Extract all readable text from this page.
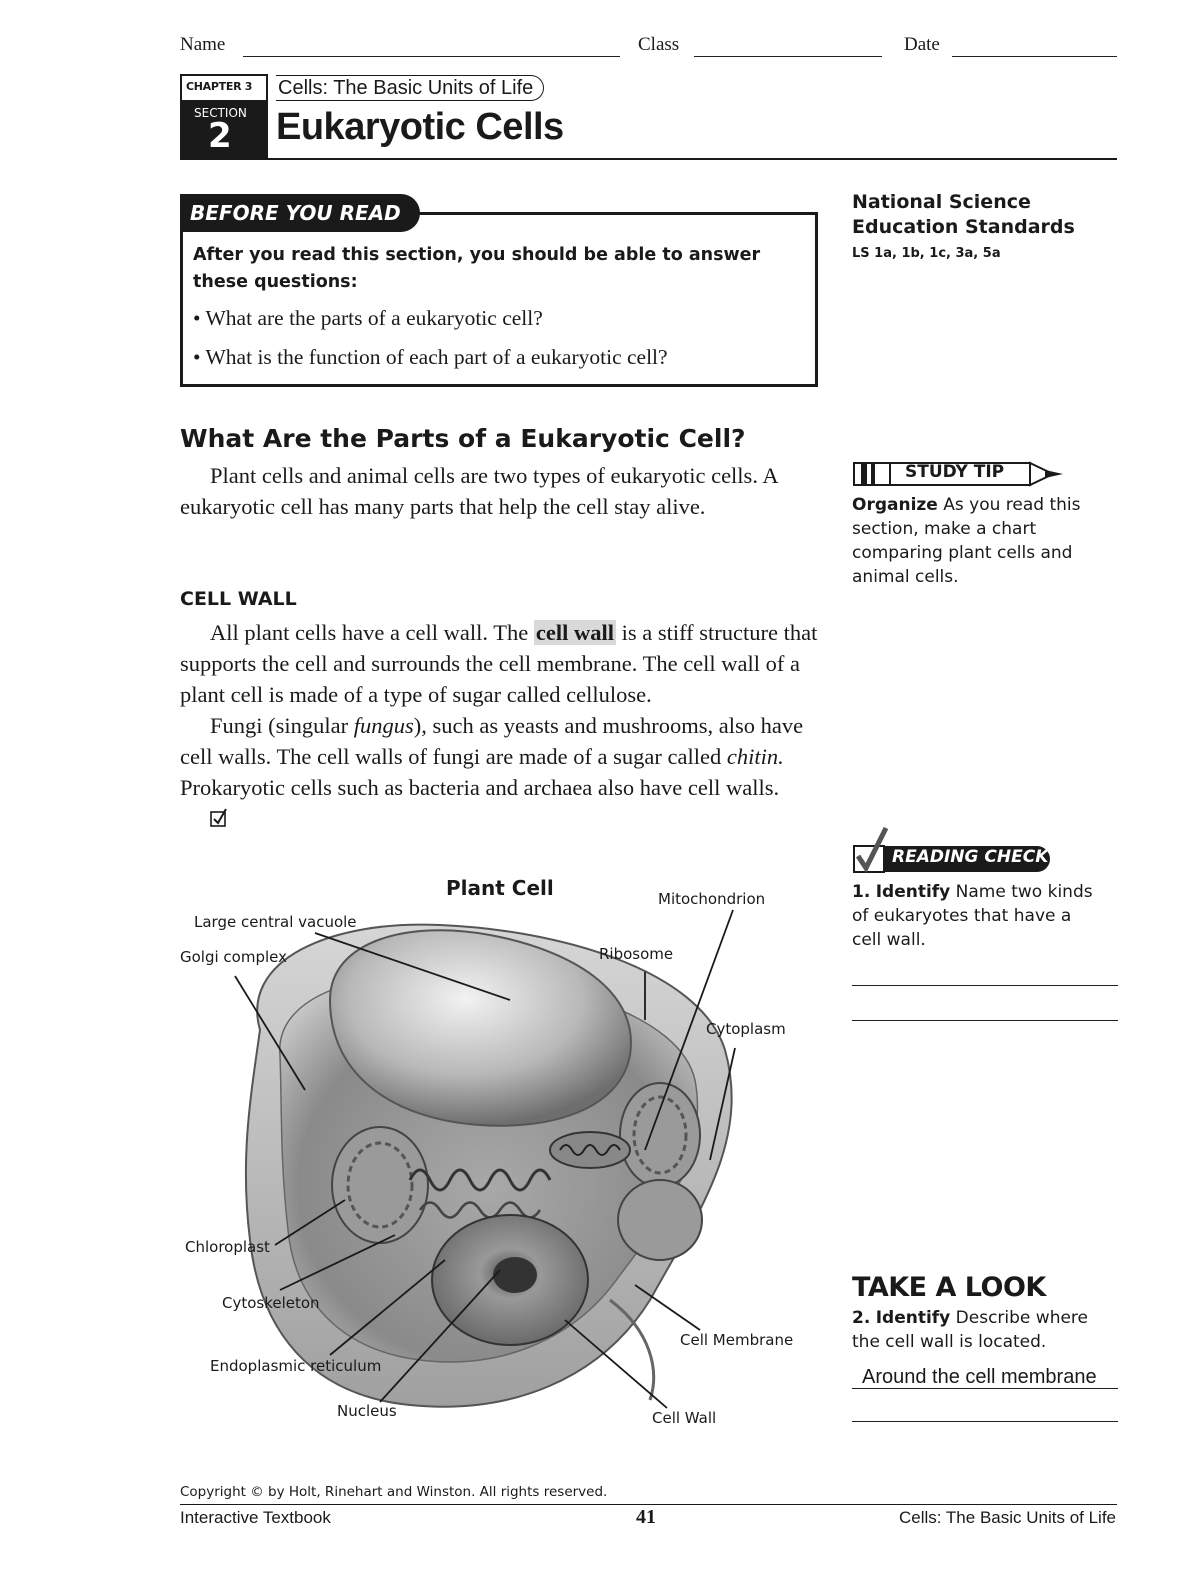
Name	Class	Date
CHAPTER 3
SECTION
2
Cells: The Basic Units of Life
Eukaryotic Cells
BEFORE YOU READ
After you read this section, you should be able to answer these questions:
• What are the parts of a eukaryotic cell?
• What is the function of each part of a eukaryotic cell?
National Science Education Standards
LS 1a, 1b, 1c, 3a, 5a
What Are the Parts of a Eukaryotic Cell?

Plant cells and animal cells are two types of eukaryotic cells. A eukaryotic cell has many parts that help the cell stay alive.

CELL WALL

All plant cells have a cell wall. The cell wall is a stiff structure that supports the cell and surrounds the cell membrane. The cell wall of a plant cell is made of a type of sugar called cellulose.

Fungi (singular fungus), such as yeasts and mushrooms, also have cell walls. The cell walls of fungi are made of a sugar called chitin. Prokaryotic cells such as bacteria and archaea also have cell walls.

STUDY TIP
Organize As you read this section, make a chart comparing plant cells and animal cells.
READING CHECK
1. Identify Name two kinds of eukaryotes that have a cell wall.
TAKE A LOOK
2. Identify Describe where the cell wall is located.
Around the cell membrane
Plant Cell
Large central vacuole
Golgi complex
Mitochondrion
Ribosome
Cytoplasm
Chloroplast
Cytoskeleton
Endoplasmic reticulum
Nucleus
Cell Membrane
Cell Wall
Copyright © by Holt, Rinehart and Winston. All rights reserved.
Interactive Textbook	41	Cells: The Basic Units of Life
